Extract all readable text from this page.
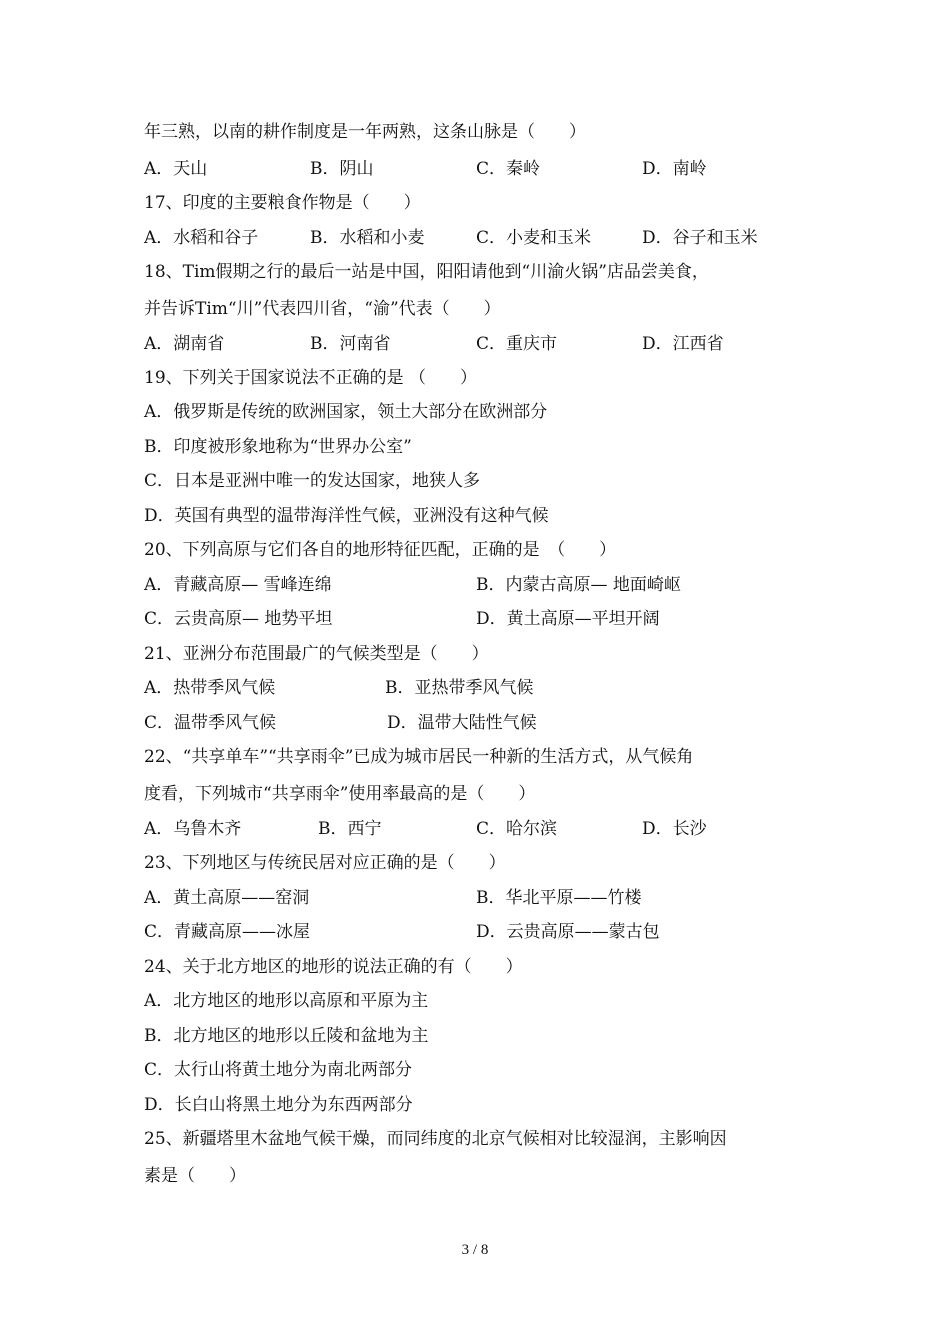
年三熟，以南的耕作制度是一年两熟，这条山脉是（　　）
A．天山	B．阴山	C．秦岭	D．南岭
17、印度的主要粮食作物是（　　）
A．水稻和谷子	B．水稻和小麦	C．小麦和玉米	D．谷子和玉米
18、Tim假期之行的最后一站是中国，阳阳请他到“川渝火锅”店品尝美食，
并告诉Tim“川”代表四川省，“渝”代表（　　）
A．湖南省	B．河南省	C．重庆市	D．江西省
19、下列关于国家说法不正确的是 （　　）
A．俄罗斯是传统的欧洲国家，领土大部分在欧洲部分
B．印度被形象地称为“世界办公室”
C．日本是亚洲中唯一的发达国家，地狭人多
D．英国有典型的温带海洋性气候，亚洲没有这种气候
20、下列高原与它们各自的地形特征匹配，正确的是　（　　）
A．青藏高原— 雪峰连绵	B．内蒙古高原— 地面崎岖
C．云贵高原— 地势平坦	D．黄土高原—平坦开阔
21、亚洲分布范围最广的气候类型是（　　）
A．热带季风气候	B．亚热带季风气候
C．温带季风气候	D．温带大陆性气候
22、“共享单车”“共享雨伞”已成为城市居民一种新的生活方式，从气候角
度看，下列城市“共享雨伞”使用率最高的是（　　）
A．乌鲁木齐	B．西宁	C．哈尔滨	D．长沙
23、下列地区与传统民居对应正确的是（　　）
A．黄土高原——窑洞	B．华北平原——竹楼
C．青藏高原——冰屋	D．云贵高原——蒙古包
24、关于北方地区的地形的说法正确的有（　　）
A．北方地区的地形以高原和平原为主
B．北方地区的地形以丘陵和盆地为主
C．太行山将黄土地分为南北两部分
D．长白山将黑土地分为东西两部分
25、新疆塔里木盆地气候干燥，而同纬度的北京气候相对比较湿润，主影响因
素是（　　）
3 / 8
